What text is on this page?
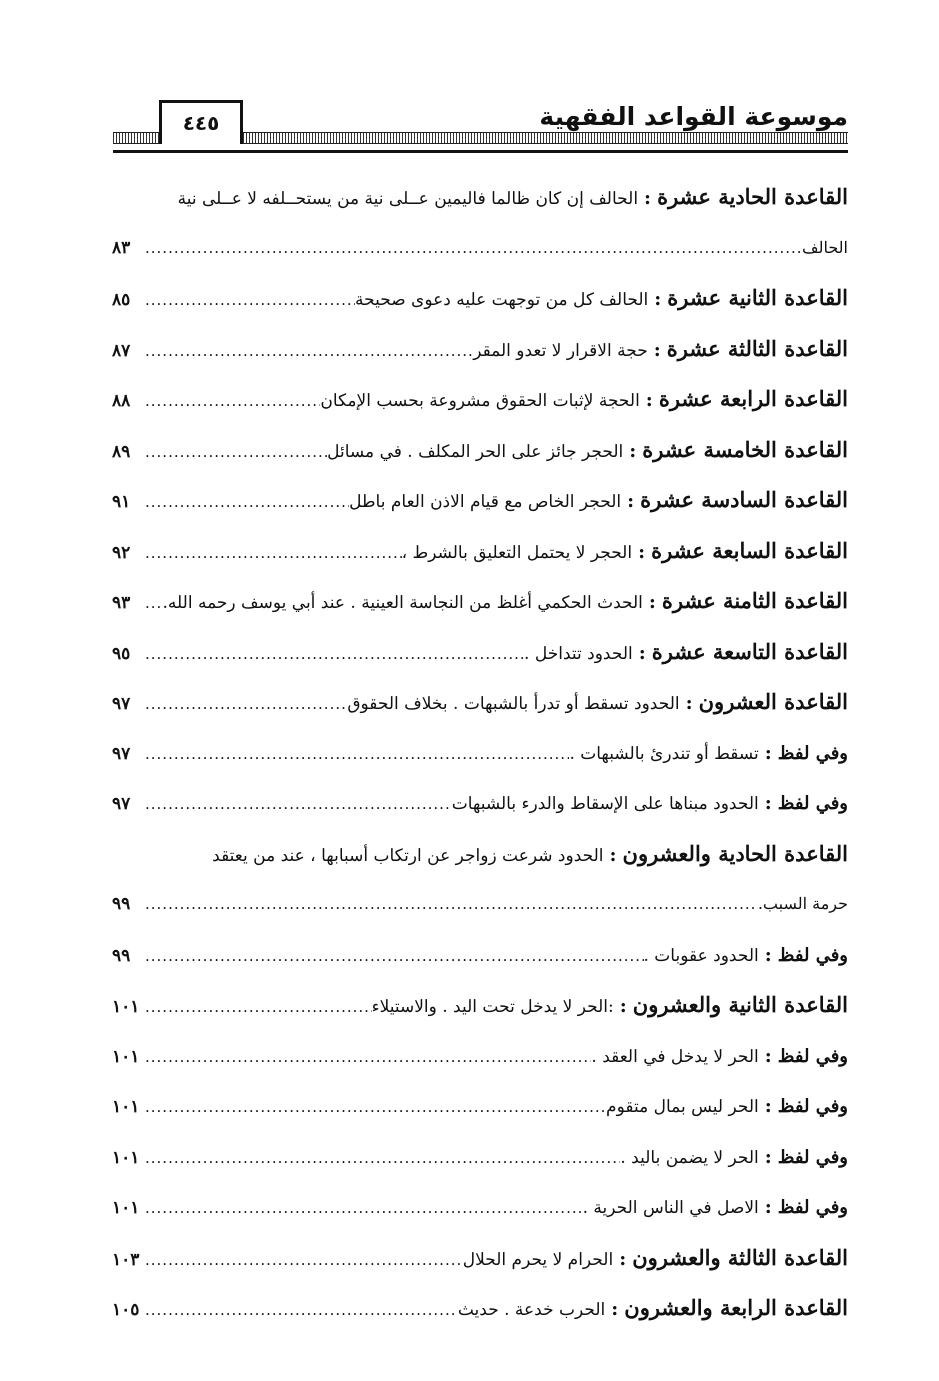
موسوعة القواعد الفقهية
٤٤٥
القاعدة الحادية عشرة
:
الحالف إن كان ظالما فاليمين عــلى نية من يستحــلفه لا عــلى نية
الحالف
.....
٨٣
القاعدة الثانية عشرة
:
الحالف كل من توجهت عليه دعوى صحيحة
.....
٨٥
القاعدة الثالثة عشرة
:
حجة الاقرار لا تعدو المقر
.....
٨٧
القاعدة الرابعة عشرة
:
الحجة لإثبات الحقوق مشروعة بحسب الإمكان
.....
٨٨
القاعدة الخامسة عشرة
:
الحجر جائز على الحر المكلف . في مسائل
.....
٨٩
القاعدة السادسة عشرة
:
الحجر الخاص مع قيام الاذن العام باطل
.....
٩١
القاعدة السابعة عشرة
:
الحجر لا يحتمل التعليق بالشرط ،
.....
٩٢
القاعدة الثامنة عشرة
:
الحدث الحكمي أغلظ من النجاسة العينية . عند أبي يوسف رحمه الله.
.....
٩٣
القاعدة التاسعة عشرة
:
الحدود تتداخل .
.....
٩٥
القاعدة العشرون
:
الحدود تسقط أو تدرأ بالشبهات . بخلاف الحقوق
.....
٩٧
وفي لفظ
:
تسقط أو تندرئ بالشبهات .
.....
٩٧
وفي لفظ
:
الحدود مبناها على الإسقاط والدرء بالشبهات
.....
٩٧
القاعدة الحادية والعشرون
:
الحدود شرعت زواجر عن ارتكاب أسبابها ، عند من يعتقد
حرمة السبب.
.....
٩٩
وفي لفظ
:
الحدود عقوبات .
.....
٩٩
القاعدة الثانية والعشرون
:
:الحر لا يدخل تحت اليد . والاستيلاء
.....
١٠١
وفي لفظ
:
الحر لا يدخل في العقد .
.....
١٠١
وفي لفظ
:
الحر ليس بمال متقوم
.....
١٠١
وفي لفظ
:
الحر لا يضمن باليد .
.....
١٠١
وفي لفظ
:
الاصل في الناس الحرية .
.....
١٠١
القاعدة الثالثة والعشرون
:
الحرام لا يحرم الحلال
.....
١٠٣
القاعدة الرابعة والعشرون
:
الحرب خدعة . حديث
.....
١٠٥
